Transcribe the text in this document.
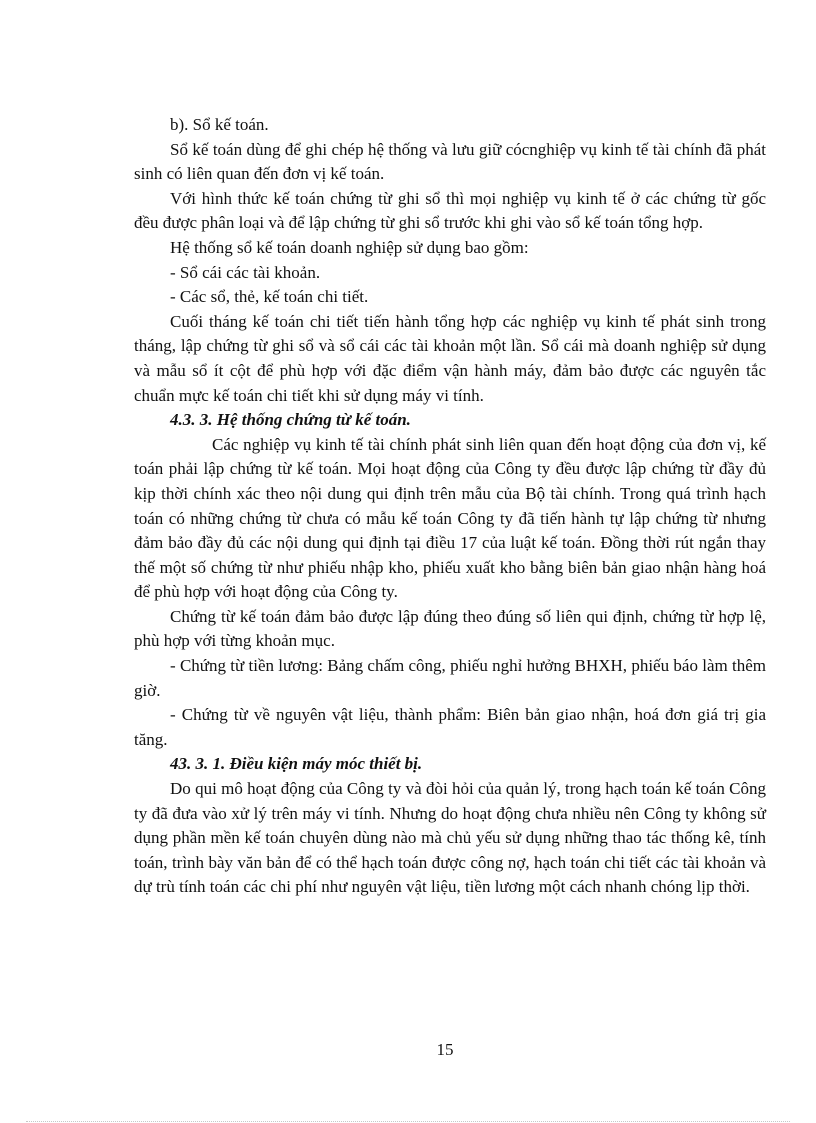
b). Sổ kế toán.

Sổ kế toán dùng để ghi chép hệ thống và lưu giữ cócnghiệp vụ kinh tế tài chính đã phát sinh có liên quan đến đơn vị kế toán.

Với hình thức kế toán chứng từ ghi sổ thì mọi nghiệp vụ kinh tế ở các chứng từ gốc đều được phân loại và để lập chứng từ ghi sổ trước khi ghi vào sổ kế toán tổng hợp.

Hệ thống sổ kế toán doanh nghiệp sử dụng bao gồm:

- Sổ cái các tài khoản.

- Các sổ, thẻ, kế toán chi tiết.

Cuối tháng kế toán chi tiết tiến hành tổng hợp các nghiệp vụ kinh tế phát sinh trong tháng, lập chứng từ ghi sổ và sổ cái các tài khoản một lần. Sổ cái mà doanh nghiệp sử dụng và mẫu sổ ít cột để phù hợp với đặc điểm vận hành máy, đảm bảo được các nguyên tắc chuẩn mực kế toán chi tiết khi sử dụng máy vi tính.

4.3. 3. Hệ thống chứng từ kế toán.

Các nghiệp vụ kinh tế tài chính phát sinh liên quan đến hoạt động của đơn vị, kế toán phải lập chứng từ kế toán. Mọi hoạt động của Công ty đều được lập chứng từ đầy đủ kịp thời chính xác theo nội dung qui định trên mẫu của Bộ tài chính. Trong quá trình hạch toán có những chứng từ chưa có mẫu kế toán Công ty đã tiến hành tự lập chứng từ nhưng đảm bảo đầy đủ các nội dung qui định tại điều 17 của luật kế toán. Đồng thời rút ngắn thay thế một số chứng từ như phiếu nhập kho, phiếu xuất kho bằng biên bản giao nhận hàng hoá để phù hợp với hoạt động của Công ty.

Chứng từ kế toán đảm bảo được lập đúng theo đúng số liên qui định, chứng từ hợp lệ, phù hợp với từng khoản mục.

- Chứng từ tiền lương: Bảng chấm công, phiếu nghỉ hưởng BHXH, phiếu báo làm thêm giờ.

- Chứng từ về nguyên vật liệu, thành phẩm: Biên bản giao nhận, hoá đơn giá trị gia tăng.

43. 3. 1. Điều kiện máy móc thiết bị.

Do qui mô hoạt động của Công ty và đòi hỏi của quản lý, trong hạch toán kế toán Công ty đã đưa vào xử lý trên máy vi tính. Nhưng do hoạt động chưa nhiều nên Công ty không sử dụng phần mền kế toán chuyên dùng nào mà chủ yếu sử dụng những thao tác thống kê, tính toán, trình bày văn bản để có thể hạch toán được công nợ, hạch toán chi tiết các tài khoản và dự trù tính toán các chi phí như nguyên vật liệu, tiền lương một cách nhanh chóng lịp thời.

15
